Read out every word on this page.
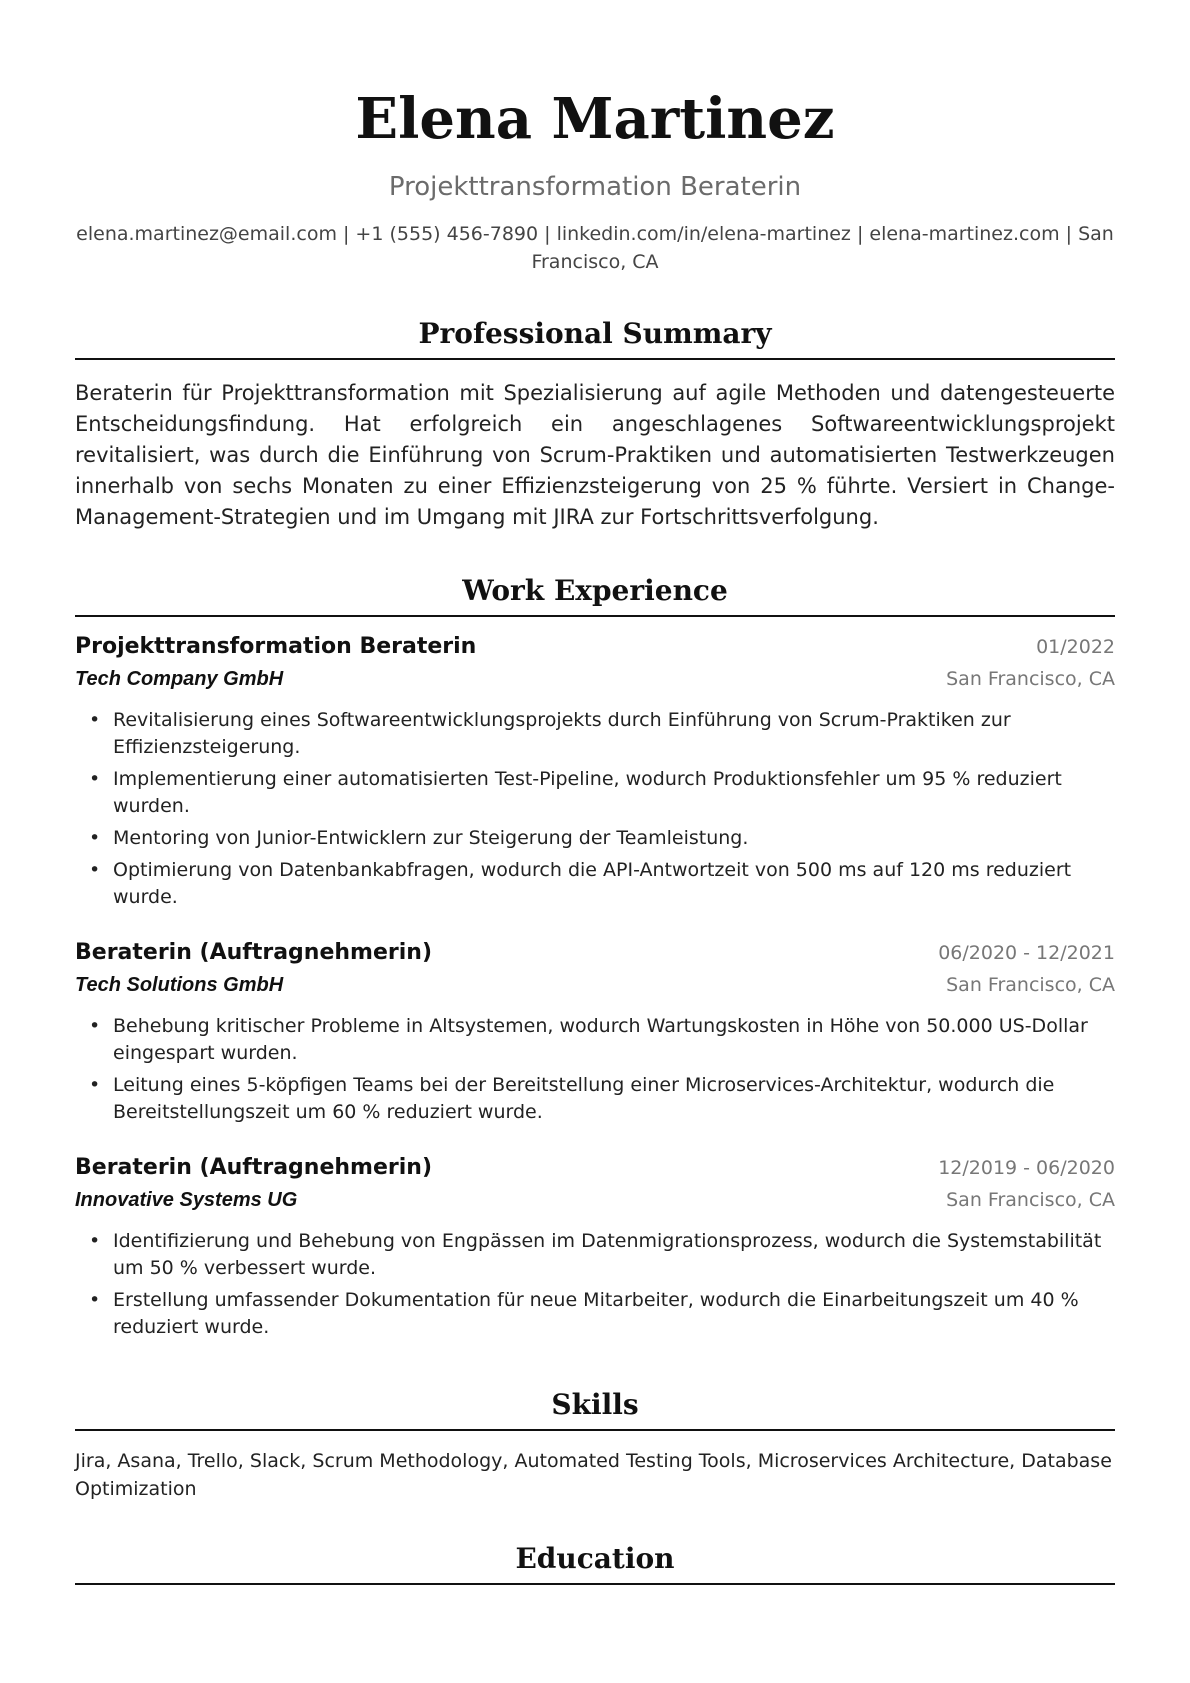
Elena Martinez
Projekttransformation Beraterin
elena.martinez@email.com | +1 (555) 456-7890 | linkedin.com/in/elena-martinez | elena-martinez.com | San Francisco, CA
Professional Summary

Beraterin für Projekttransformation mit Spezialisierung auf agile Methoden und datengesteuerte Entscheidungsfindung. Hat erfolgreich ein angeschlagenes Softwareentwicklungsprojekt revitalisiert, was durch die Einführung von Scrum-Praktiken und automatisierten Testwerkzeugen innerhalb von sechs Monaten zu einer Effizienzsteigerung von 25 % führte. Versiert in Change-Management-Strategien und im Umgang mit JIRA zur Fortschrittsverfolgung.

Work Experience
Projekttransformation Beraterin	01/2022
Tech Company GmbH	San Francisco, CA
• Revitalisierung eines Softwareentwicklungsprojekts durch Einführung von Scrum-Praktiken zur Effizienzsteigerung.
• Implementierung einer automatisierten Test-Pipeline, wodurch Produktionsfehler um 95 % reduziert wurden.
• Mentoring von Junior-Entwicklern zur Steigerung der Teamleistung.
• Optimierung von Datenbankabfragen, wodurch die API-Antwortzeit von 500 ms auf 120 ms reduziert wurde.
Beraterin (Auftragnehmerin)	06/2020 - 12/2021
Tech Solutions GmbH	San Francisco, CA
• Behebung kritischer Probleme in Altsystemen, wodurch Wartungskosten in Höhe von 50.000 US-Dollar eingespart wurden.
• Leitung eines 5-köpfigen Teams bei der Bereitstellung einer Microservices-Architektur, wodurch die Bereitstellungszeit um 60 % reduziert wurde.
Beraterin (Auftragnehmerin)	12/2019 - 06/2020
Innovative Systems UG	San Francisco, CA
• Identifizierung und Behebung von Engpässen im Datenmigrationsprozess, wodurch die Systemstabilität um 50 % verbessert wurde.
• Erstellung umfassender Dokumentation für neue Mitarbeiter, wodurch die Einarbeitungszeit um 40 % reduziert wurde.
Skills

Jira, Asana, Trello, Slack, Scrum Methodology, Automated Testing Tools, Microservices Architecture, Database Optimization

Education
